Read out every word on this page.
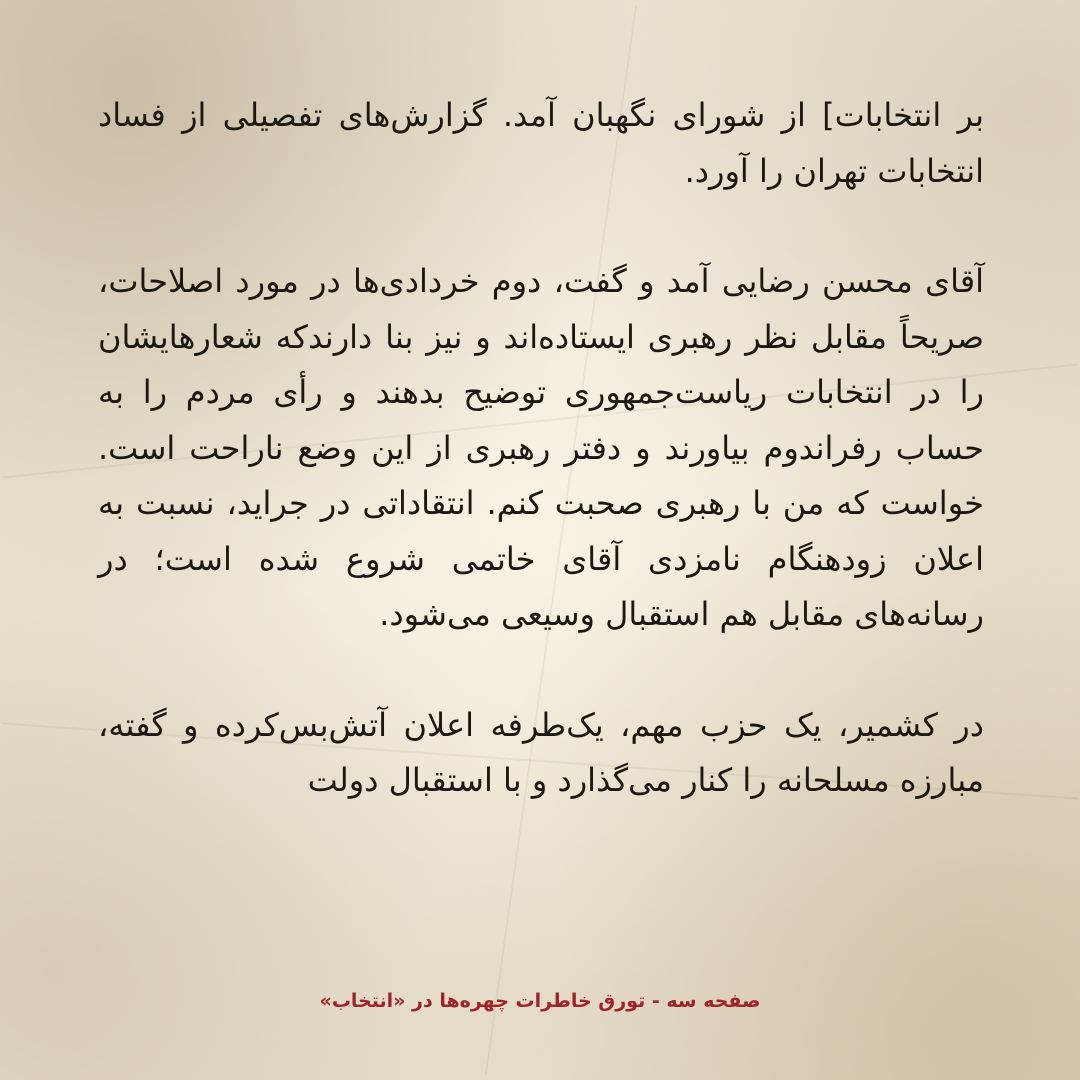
بر انتخابات] از شورای نگهبان آمد. گزارش‌های تفصیلی از فساد انتخابات تهران را آورد.

آقای محسن رضایی آمد و گفت، دوم خردادی‌ها در مورد اصلاحات، صریحاً مقابل نظر رهبری ایستاده‌اند و نیز بنا دارندکه شعارهایشان را در انتخابات ریاست‌جمهوری توضیح بدهند و رأی مردم را به حساب رفراندوم بیاورند و دفتر رهبری از این وضع ناراحت است. خواست که من با رهبری صحبت کنم. انتقاداتی در جراید، نسبت به اعلان زودهنگام نامزدی آقای خاتمی شروع شده است؛ در رسانه‌های مقابل هم استقبال وسیعی می‌شود.

در کشمیر، یک حزب مهم، یک‌طرفه اعلان آتش‌بس‌کرده و گفته، مبارزه مسلحانه را کنار می‌گذارد و با استقبال دولت

صفحه سه - تورق خاطرات چهره‌ها در «انتخاب»
